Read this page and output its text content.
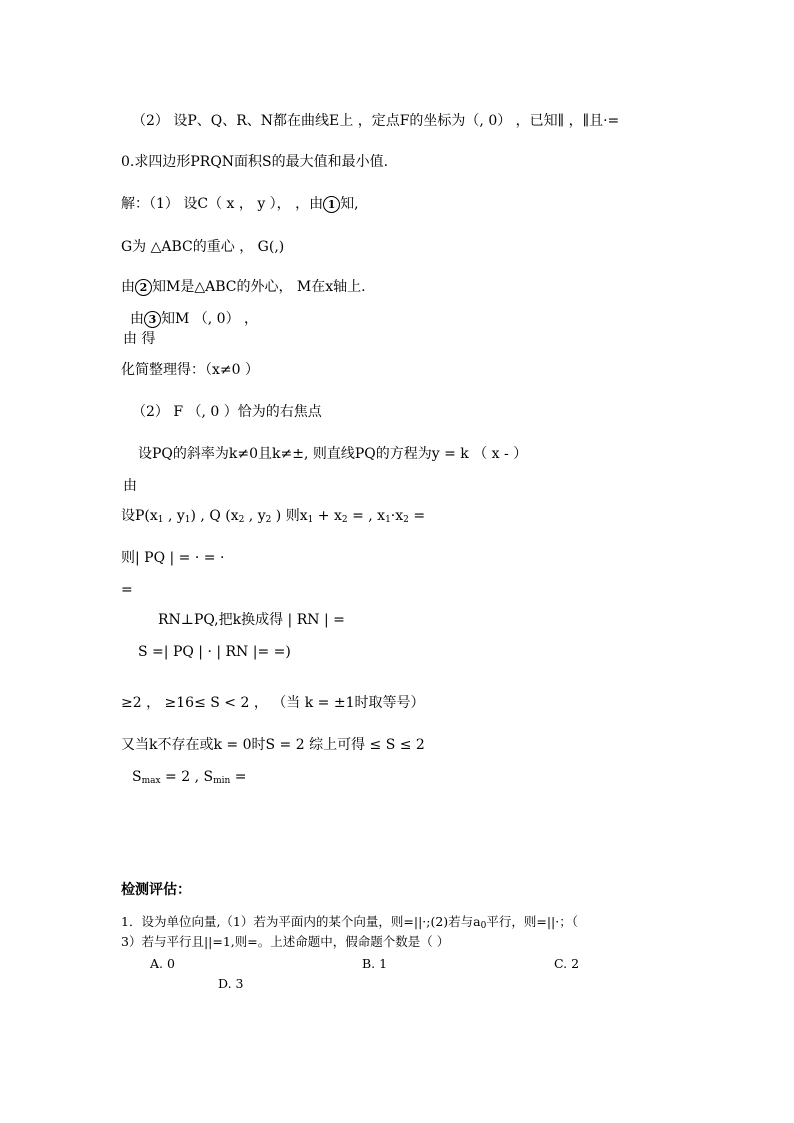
（2） 设P、Q、R、N都在曲线E上 ，定点F的坐标为（, 0） ，已知∥ ，∥且·=
0.求四边形PRQN面积S的最大值和最小值.
解：（1） 设C（ x ， y ）， ，由 1 知,
G为 △ABC的重心 ， G(,)
由 2 知M是△ABC的外心， M在x轴上.
由 3 知M （, 0） ，
由 得
化简整理得：（x≠0 ）
（2） F （, 0 ）恰为的右焦点
设PQ的斜率为k≠0且k≠±, 则直线PQ的方程为y = k （ x - ）
由
设$P(x_1$ , $y_1$) , Q ($x_2$ , $y_2$ ) 则$x_1 + x_2$ = , $x_1\cdot x_2$ =
则| PQ | = · = ·
=
RN⊥PQ,把k换成得 | RN | =
S =| PQ | · | RN |= =)
≥2 ， ≥16≤ S < 2 ， （当 k = ±1时取等号）
又当k不存在或k = 0时S = 2 综上可得 ≤ S ≤ 2
$S_{max} = 2$ , $S_{min}$ =
检测评估：
1．设为单位向量,（1）若为平面内的某个向量，则=||·;(2)若与$a_0$平行，则=||·；（
3）若与平行且||=1,则=。上述命题中，假命题个数是（ ）
A. 0	B. 1	C. 2
D. 3
